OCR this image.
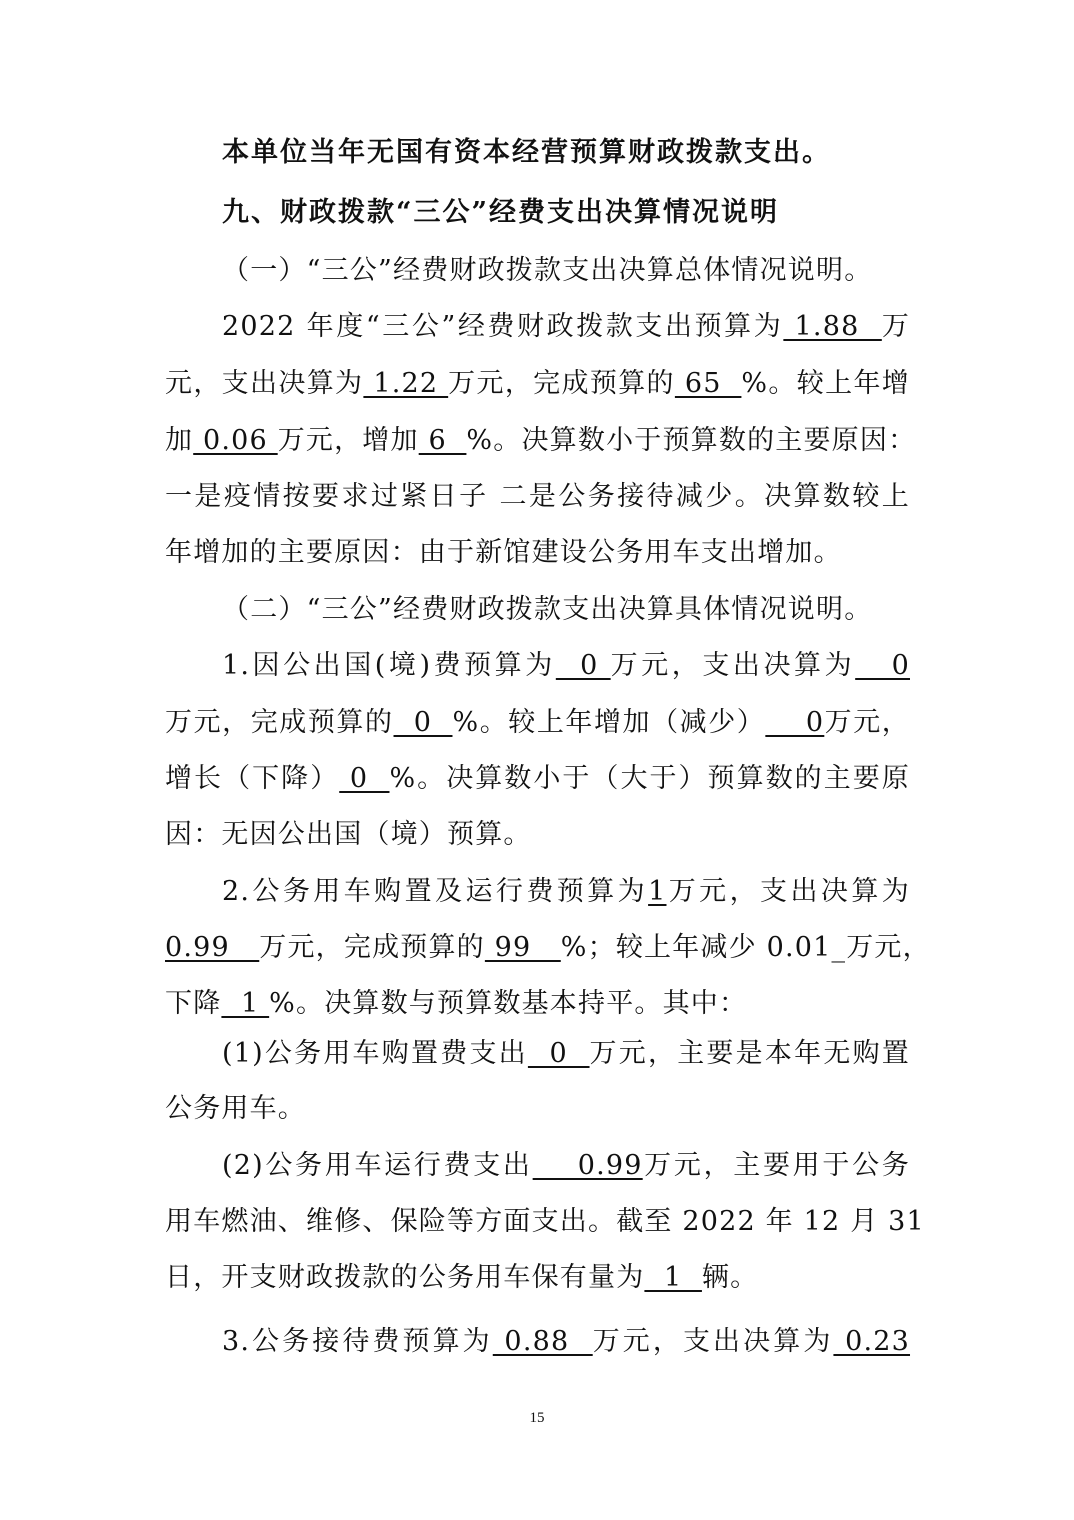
本单位当年无国有资本经营预算财政拨款支出。

九、财政拨款“三公”经费支出决算情况说明

（一）“三公”经费财政拨款支出决算总体情况说明。

2022 年度“三公”经费财政拨款支出预算为 1.88  万

元，支出决算为 1.22 万元，完成预算的 65  %。较上年增

加 0.06 万元，增加 6  %。决算数小于预算数的主要原因：

一是疫情按要求过紧日子 二是公务接待减少。决算数较上

年增加的主要原因：由于新馆建设公务用车支出增加。

（二）“三公”经费财政拨款支出决算具体情况说明。

1.因公出国(境)费预算为  0 万元，支出决算为   0

万元，完成预算的  0  %。较上年增加（减少）    0万元，

增长（下降） 0  %。决算数小于（大于）预算数的主要原

因：无因公出国（境）预算。

2.公务用车购置及运行费预算为1万元，支出决算为

0.99   万元，完成预算的 99   %；较上年减少 0.01_万元，

下降  1 %。决算数与预算数基本持平。其中：

(1)公务用车购置费支出  0  万元，主要是本年无购置

公务用车。

(2)公务用车运行费支出    0.99万元，主要用于公务

用车燃油、维修、保险等方面支出。截至 2022 年 12 月 31

日，开支财政拨款的公务用车保有量为  1  辆。

3.公务接待费预算为 0.88  万元，支出决算为 0.23

15
